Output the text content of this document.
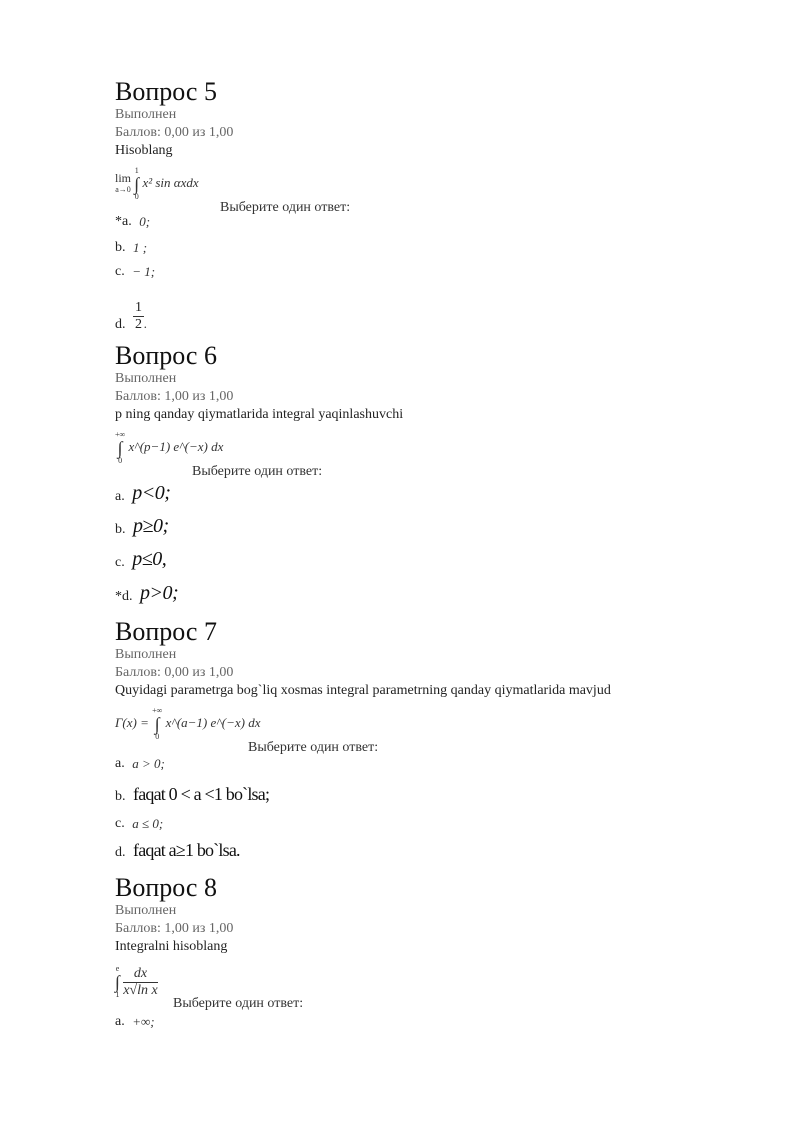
Вопрос 5
Выполнен
Баллов: 0,00 из 1,00
Hisoblang
lim
a→0

1
∫
0
x² sin αxdx
Выберите один ответ:
*a. 0;
b. 1 ;
c. − 1;
d. $\frac{1}{2}$ .
Вопрос 6
Выполнен
Баллов: 1,00 из 1,00
p ning qanday qiymatlarida integral yaqinlashuvchi
+∞
∫
0
x^(p−1) e^(−x) dx
Выберите один ответ:
a. p<0;
b. p≥0;
c. p≤0,
*d. p>0;
Вопрос 7
Выполнен
Баллов: 0,00 из 1,00
Quyidagi parametrga bog`liq xosmas integral parametrning qanday qiymatlarida mavjud
Γ(x) =
+∞
∫
0
x^(a−1) e^(−x) dx
Выберите один ответ:
a. a > 0;
b. faqat 0 < a <1 bo`lsa;
c. a ≤ 0;
d. faqat a≥1 bo`lsa.
Вопрос 8
Выполнен
Баллов: 1,00 из 1,00
Integralni hisoblang
e
∫
1
$\frac{dx}{\text{x√ln x}}$
Выберите один ответ:
a. +∞;
